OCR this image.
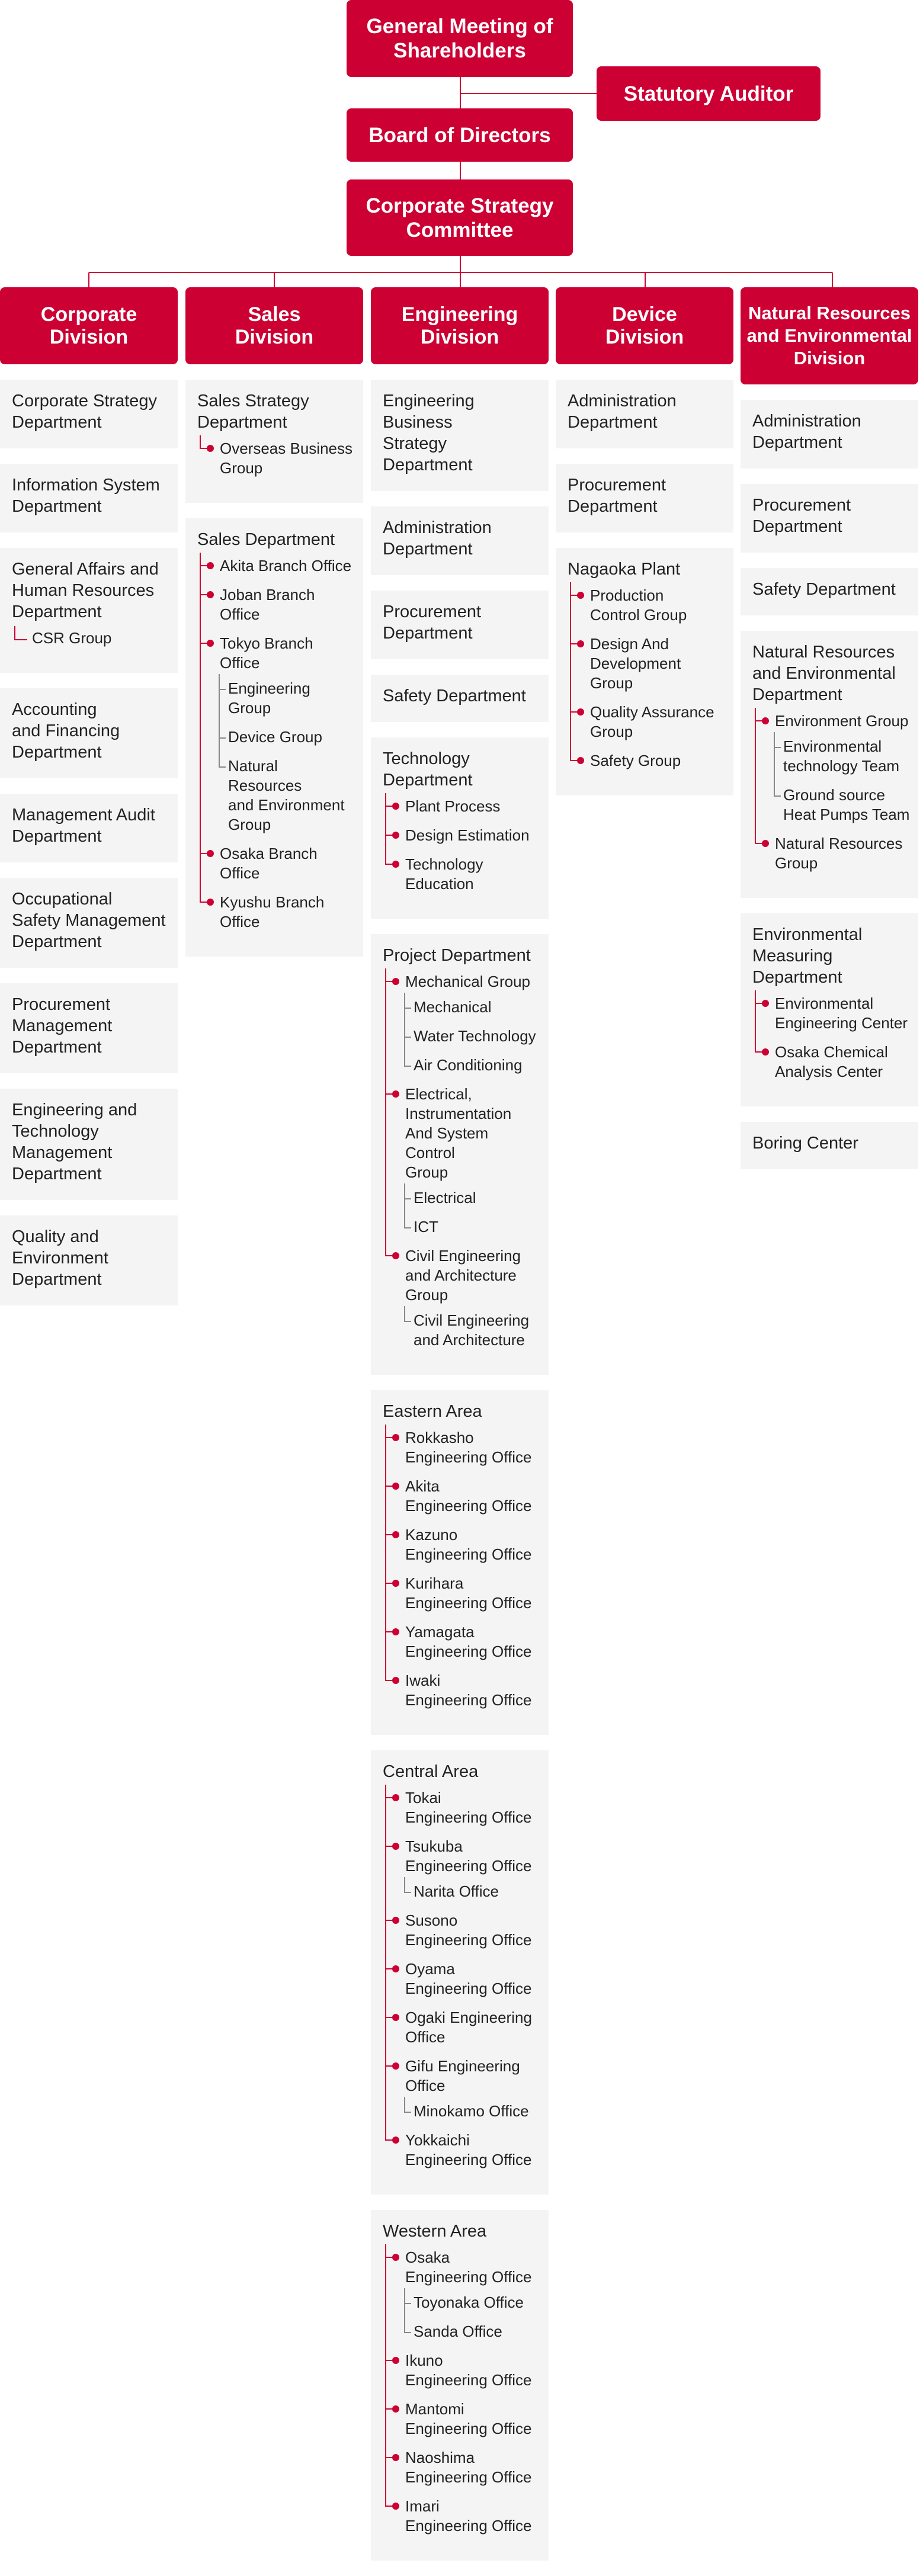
General Meeting of
Shareholders
Statutory Auditor
Board of Directors
Corporate Strategy
Committee
Corporate
Division
Corporate Strategy
Department
Information System
Department
General Affairs and
Human Resources
Department
CSR Group
Accounting
and Financing
Department
Management Audit
Department
Occupational
Safety Management
Department
Procurement
Management
Department
Engineering and
Technology
Management
Department
Quality and
Environment
Department
Sales
Division
Sales Strategy
Department
Overseas Business
Group
Sales Department
Akita Branch Office
Joban Branch Office
Tokyo Branch Office
Engineering
Group
Device Group
Natural Resources
and Environment
Group
Osaka Branch
Office
Kyushu Branch
Office
Engineering
Division
Engineering Business
Strategy Department
Administration
Department
Procurement
Department
Safety Department
Technology
Department
Plant Process
Design Estimation
Technology
Education
Project Department
Mechanical Group
Mechanical
Water Technology
Air Conditioning
Electrical,
Instrumentation
And System Control
Group
Electrical
ICT
Civil Engineering
and Architecture
Group
Civil Engineering
and Architecture
Eastern Area
Rokkasho
Engineering Office
Akita
Engineering Office
Kazuno
Engineering Office
Kurihara
Engineering Office
Yamagata
Engineering Office
Iwaki
Engineering Office
Central Area
Tokai
Engineering Office
Tsukuba
Engineering Office
Narita Office
Susono
Engineering Office
Oyama
Engineering Office
Ogaki Engineering
Office
Gifu Engineering
Office
Minokamo Office
Yokkaichi
Engineering Office
Western Area
Osaka
Engineering Office
Toyonaka Office
Sanda Office
Ikuno
Engineering Office
Mantomi
Engineering Office
Naoshima
Engineering Office
Imari
Engineering Office
Device
Division
Administration
Department
Procurement
Department
Nagaoka Plant
Production
Control Group
Design And
Development Group
Quality Assurance
Group
Safety Group
Natural Resources
and Environmental
Division
Administration
Department
Procurement
Department
Safety Department
Natural Resources
and Environmental
Department
Environment Group
Environmental
technology Team
Ground source
Heat Pumps Team
Natural Resources
Group
Environmental
Measuring
Department
Environmental
Engineering Center
Osaka Chemical
Analysis Center
Boring Center
